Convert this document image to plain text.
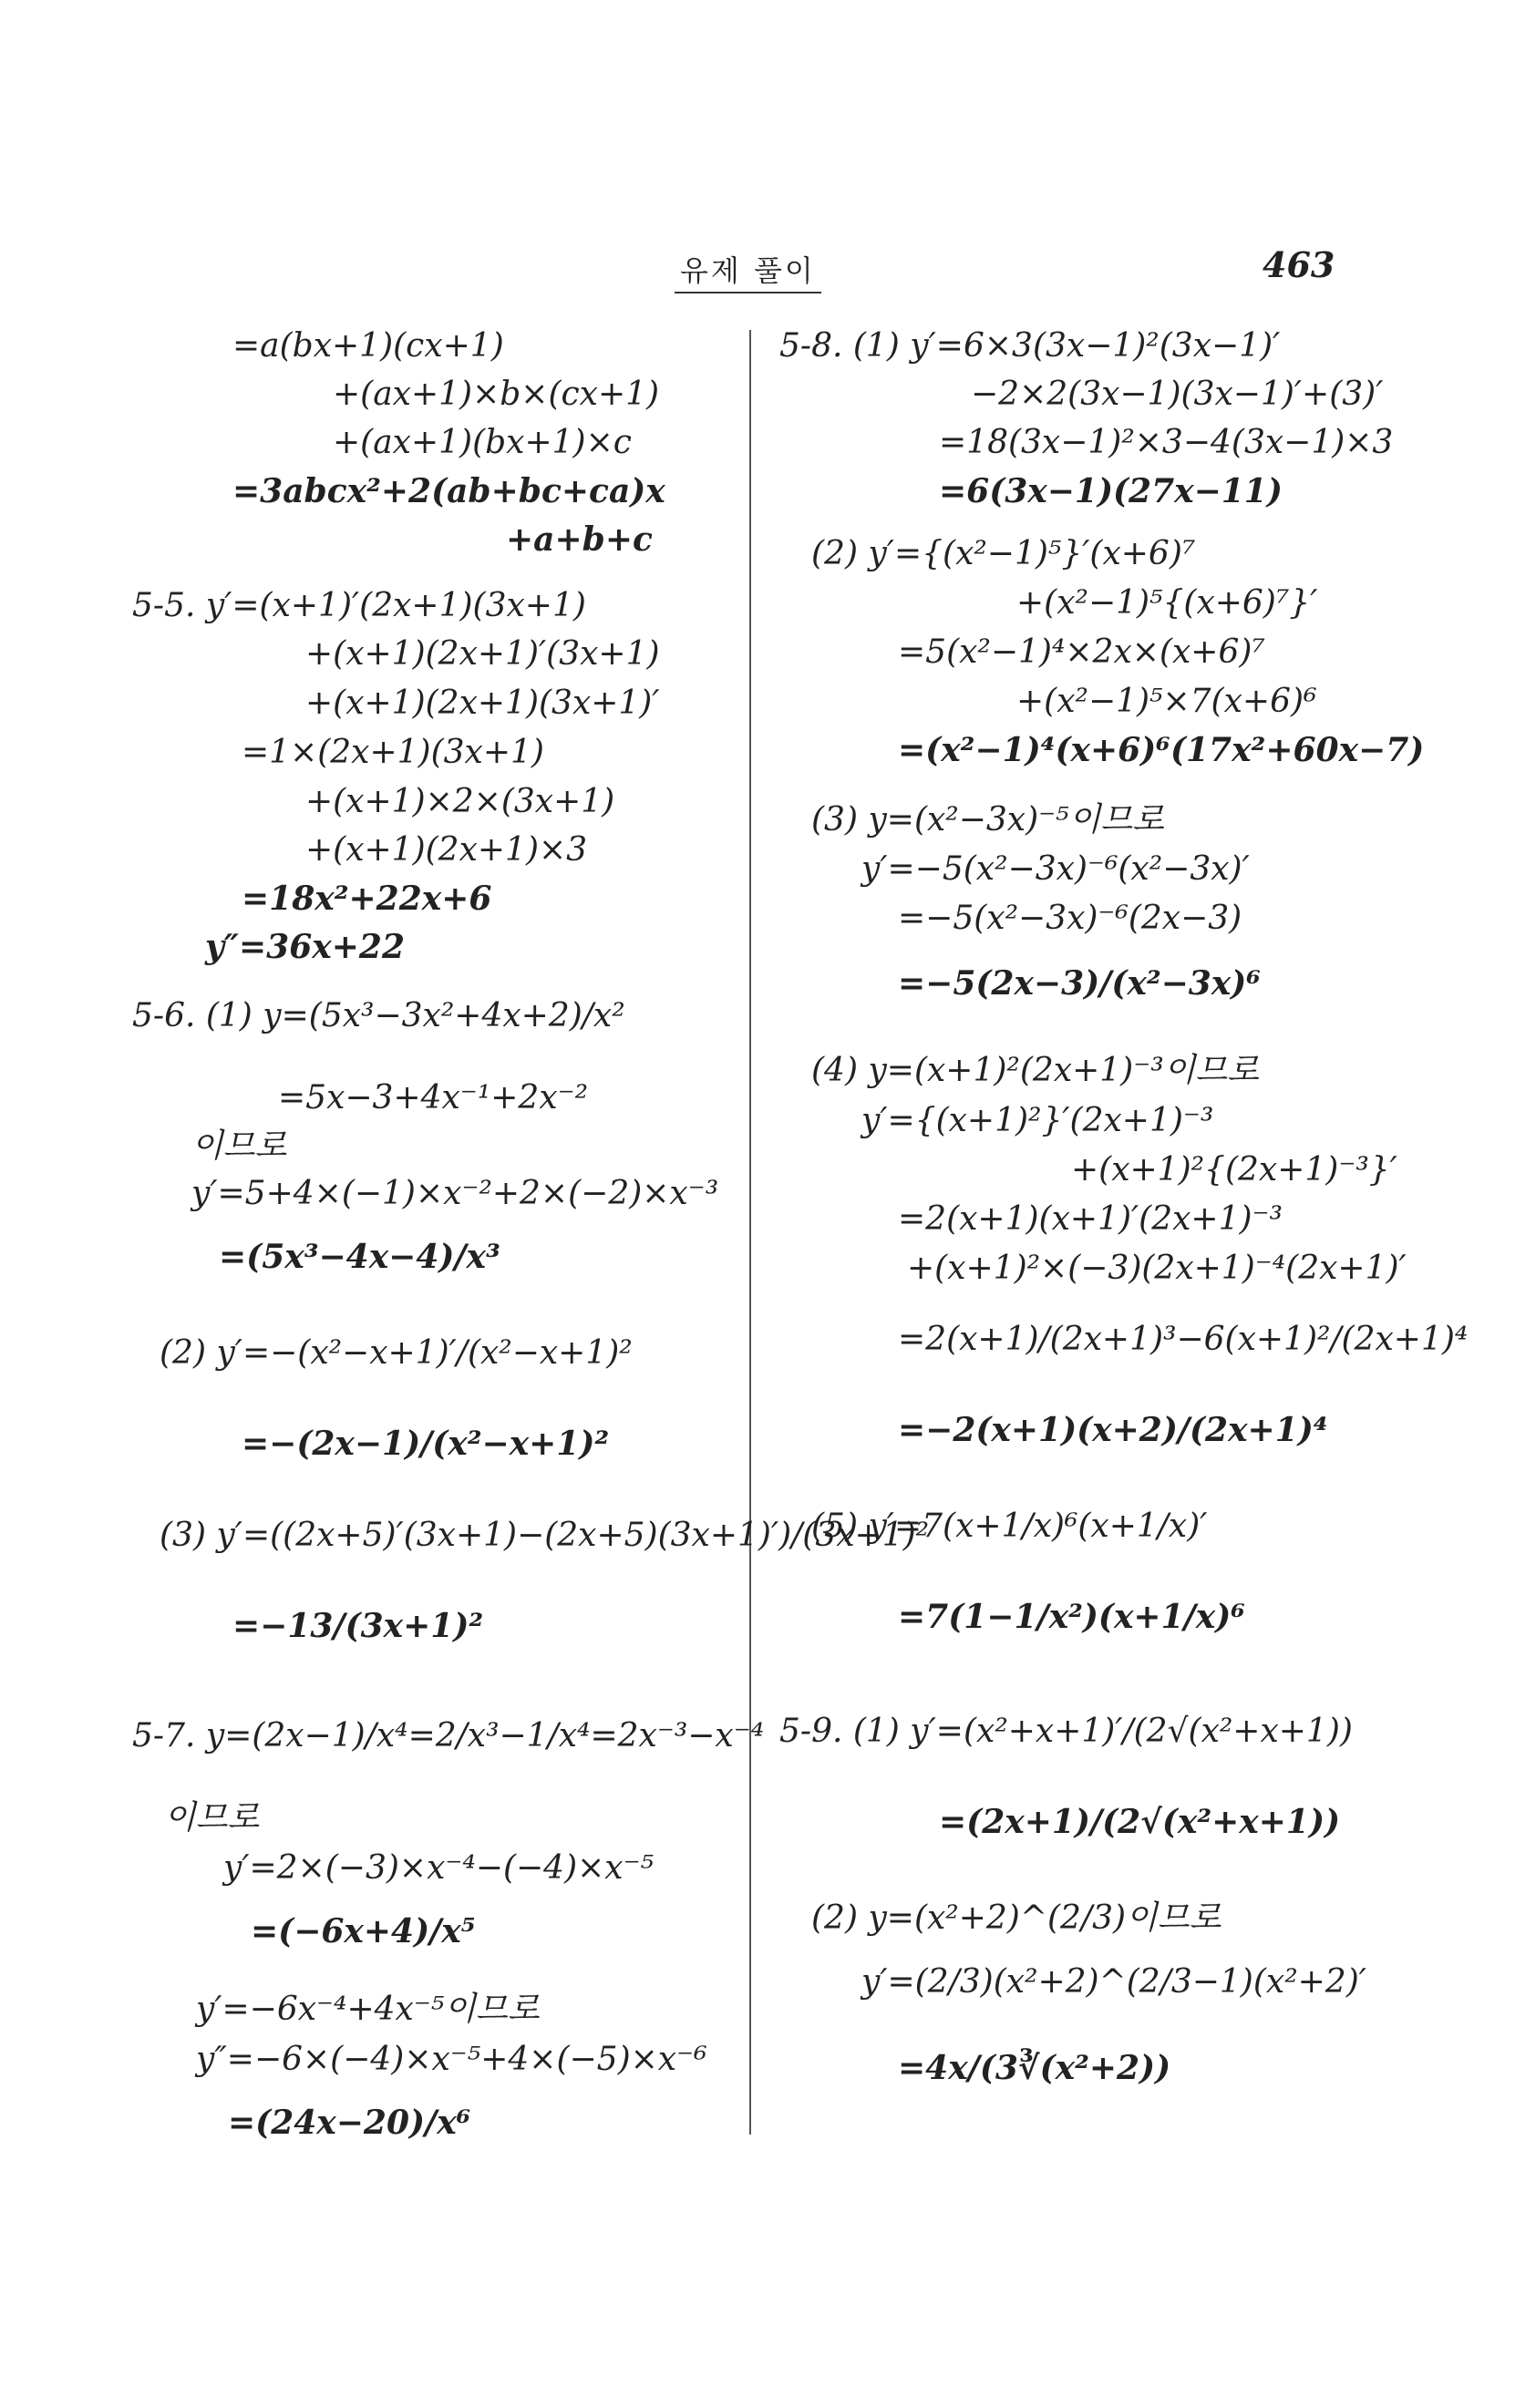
유제 풀이	463
=a(bx+1)(cx+1)
+(ax+1)×b×(cx+1)
+(ax+1)(bx+1)×c
=3abcx²+2(ab+bc+ca)x
+a+b+c
5-5. y′=(x+1)′(2x+1)(3x+1)
+(x+1)(2x+1)′(3x+1)
+(x+1)(2x+1)(3x+1)′
=1×(2x+1)(3x+1)
+(x+1)×2×(3x+1)
+(x+1)(2x+1)×3
=18x²+22x+6
y″=36x+22
5-6. (1) y=(5x³−3x²+4x+2)/x²
=5x−3+4x⁻¹+2x⁻²
이므로
y′=5+4×(−1)×x⁻²+2×(−2)×x⁻³
=(5x³−4x−4)/x³
(2) y′=−(x²−x+1)′/(x²−x+1)²
=−(2x−1)/(x²−x+1)²
(3) y′=((2x+5)′(3x+1)−(2x+5)(3x+1)′)/(3x+1)²
=−13/(3x+1)²
5-7. y=(2x−1)/x⁴=2/x³−1/x⁴=2x⁻³−x⁻⁴
이므로
y′=2×(−3)×x⁻⁴−(−4)×x⁻⁵
=(−6x+4)/x⁵
y′=−6x⁻⁴+4x⁻⁵이므로
y″=−6×(−4)×x⁻⁵+4×(−5)×x⁻⁶
=(24x−20)/x⁶
5-8. (1) y′=6×3(3x−1)²(3x−1)′
−2×2(3x−1)(3x−1)′+(3)′
=18(3x−1)²×3−4(3x−1)×3
=6(3x−1)(27x−11)
(2) y′={(x²−1)⁵}′(x+6)⁷
+(x²−1)⁵{(x+6)⁷}′
=5(x²−1)⁴×2x×(x+6)⁷
+(x²−1)⁵×7(x+6)⁶
=(x²−1)⁴(x+6)⁶(17x²+60x−7)
(3) y=(x²−3x)⁻⁵이므로
y′=−5(x²−3x)⁻⁶(x²−3x)′
=−5(x²−3x)⁻⁶(2x−3)
=−5(2x−3)/(x²−3x)⁶
(4) y=(x+1)²(2x+1)⁻³이므로
y′={(x+1)²}′(2x+1)⁻³
+(x+1)²{(2x+1)⁻³}′
=2(x+1)(x+1)′(2x+1)⁻³
+(x+1)²×(−3)(2x+1)⁻⁴(2x+1)′
=2(x+1)/(2x+1)³−6(x+1)²/(2x+1)⁴
=−2(x+1)(x+2)/(2x+1)⁴
(5) y′=7(x+1/x)⁶(x+1/x)′
=7(1−1/x²)(x+1/x)⁶
5-9. (1) y′=(x²+x+1)′/(2√(x²+x+1))
=(2x+1)/(2√(x²+x+1))
(2) y=(x²+2)^(2/3)이므로
y′=(2/3)(x²+2)^(2/3−1)(x²+2)′
=4x/(3∛(x²+2))
